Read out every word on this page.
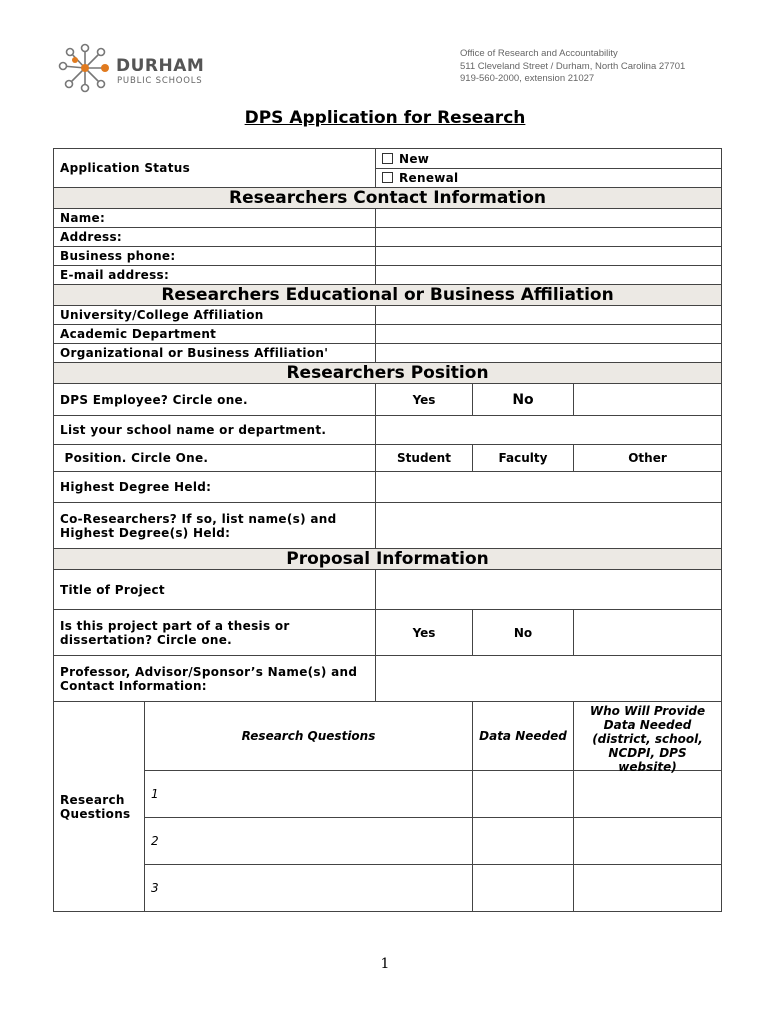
DURHAM
PUBLIC SCHOOLS
Office of Research and Accountability
511 Cleveland Street / Durham, North Carolina 27701
919-560-2000, extension 21027
DPS Application for Research
Application Status		New		
		Renewal		
Researchers Contact Information				
Name:				
Address:				
Business phone:				
E-mail address:				
Researchers Educational or Business Affiliation				
University/College Affiliation				
Academic Department				
Organizational or Business Affiliation'				
Researchers Position				
DPS Employee? Circle one.		Yes	No	
List your school name or department.				
Position. Circle One.		Student	Faculty	Other
Highest Degree Held:				
Co-Researchers? If so, list name(s) and Highest Degree(s) Held:				
Proposal Information				
Title of Project				
Is this project part of a thesis or dissertation? Circle one.		Yes	No	
Professor, Advisor/Sponsor’s Name(s) and Contact Information:				
Research Questions	Research Questions		Data Needed	Who Will Provide Data Needed (district, school, NCDPI, DPS website)

	1			
	2			
	3			
1
